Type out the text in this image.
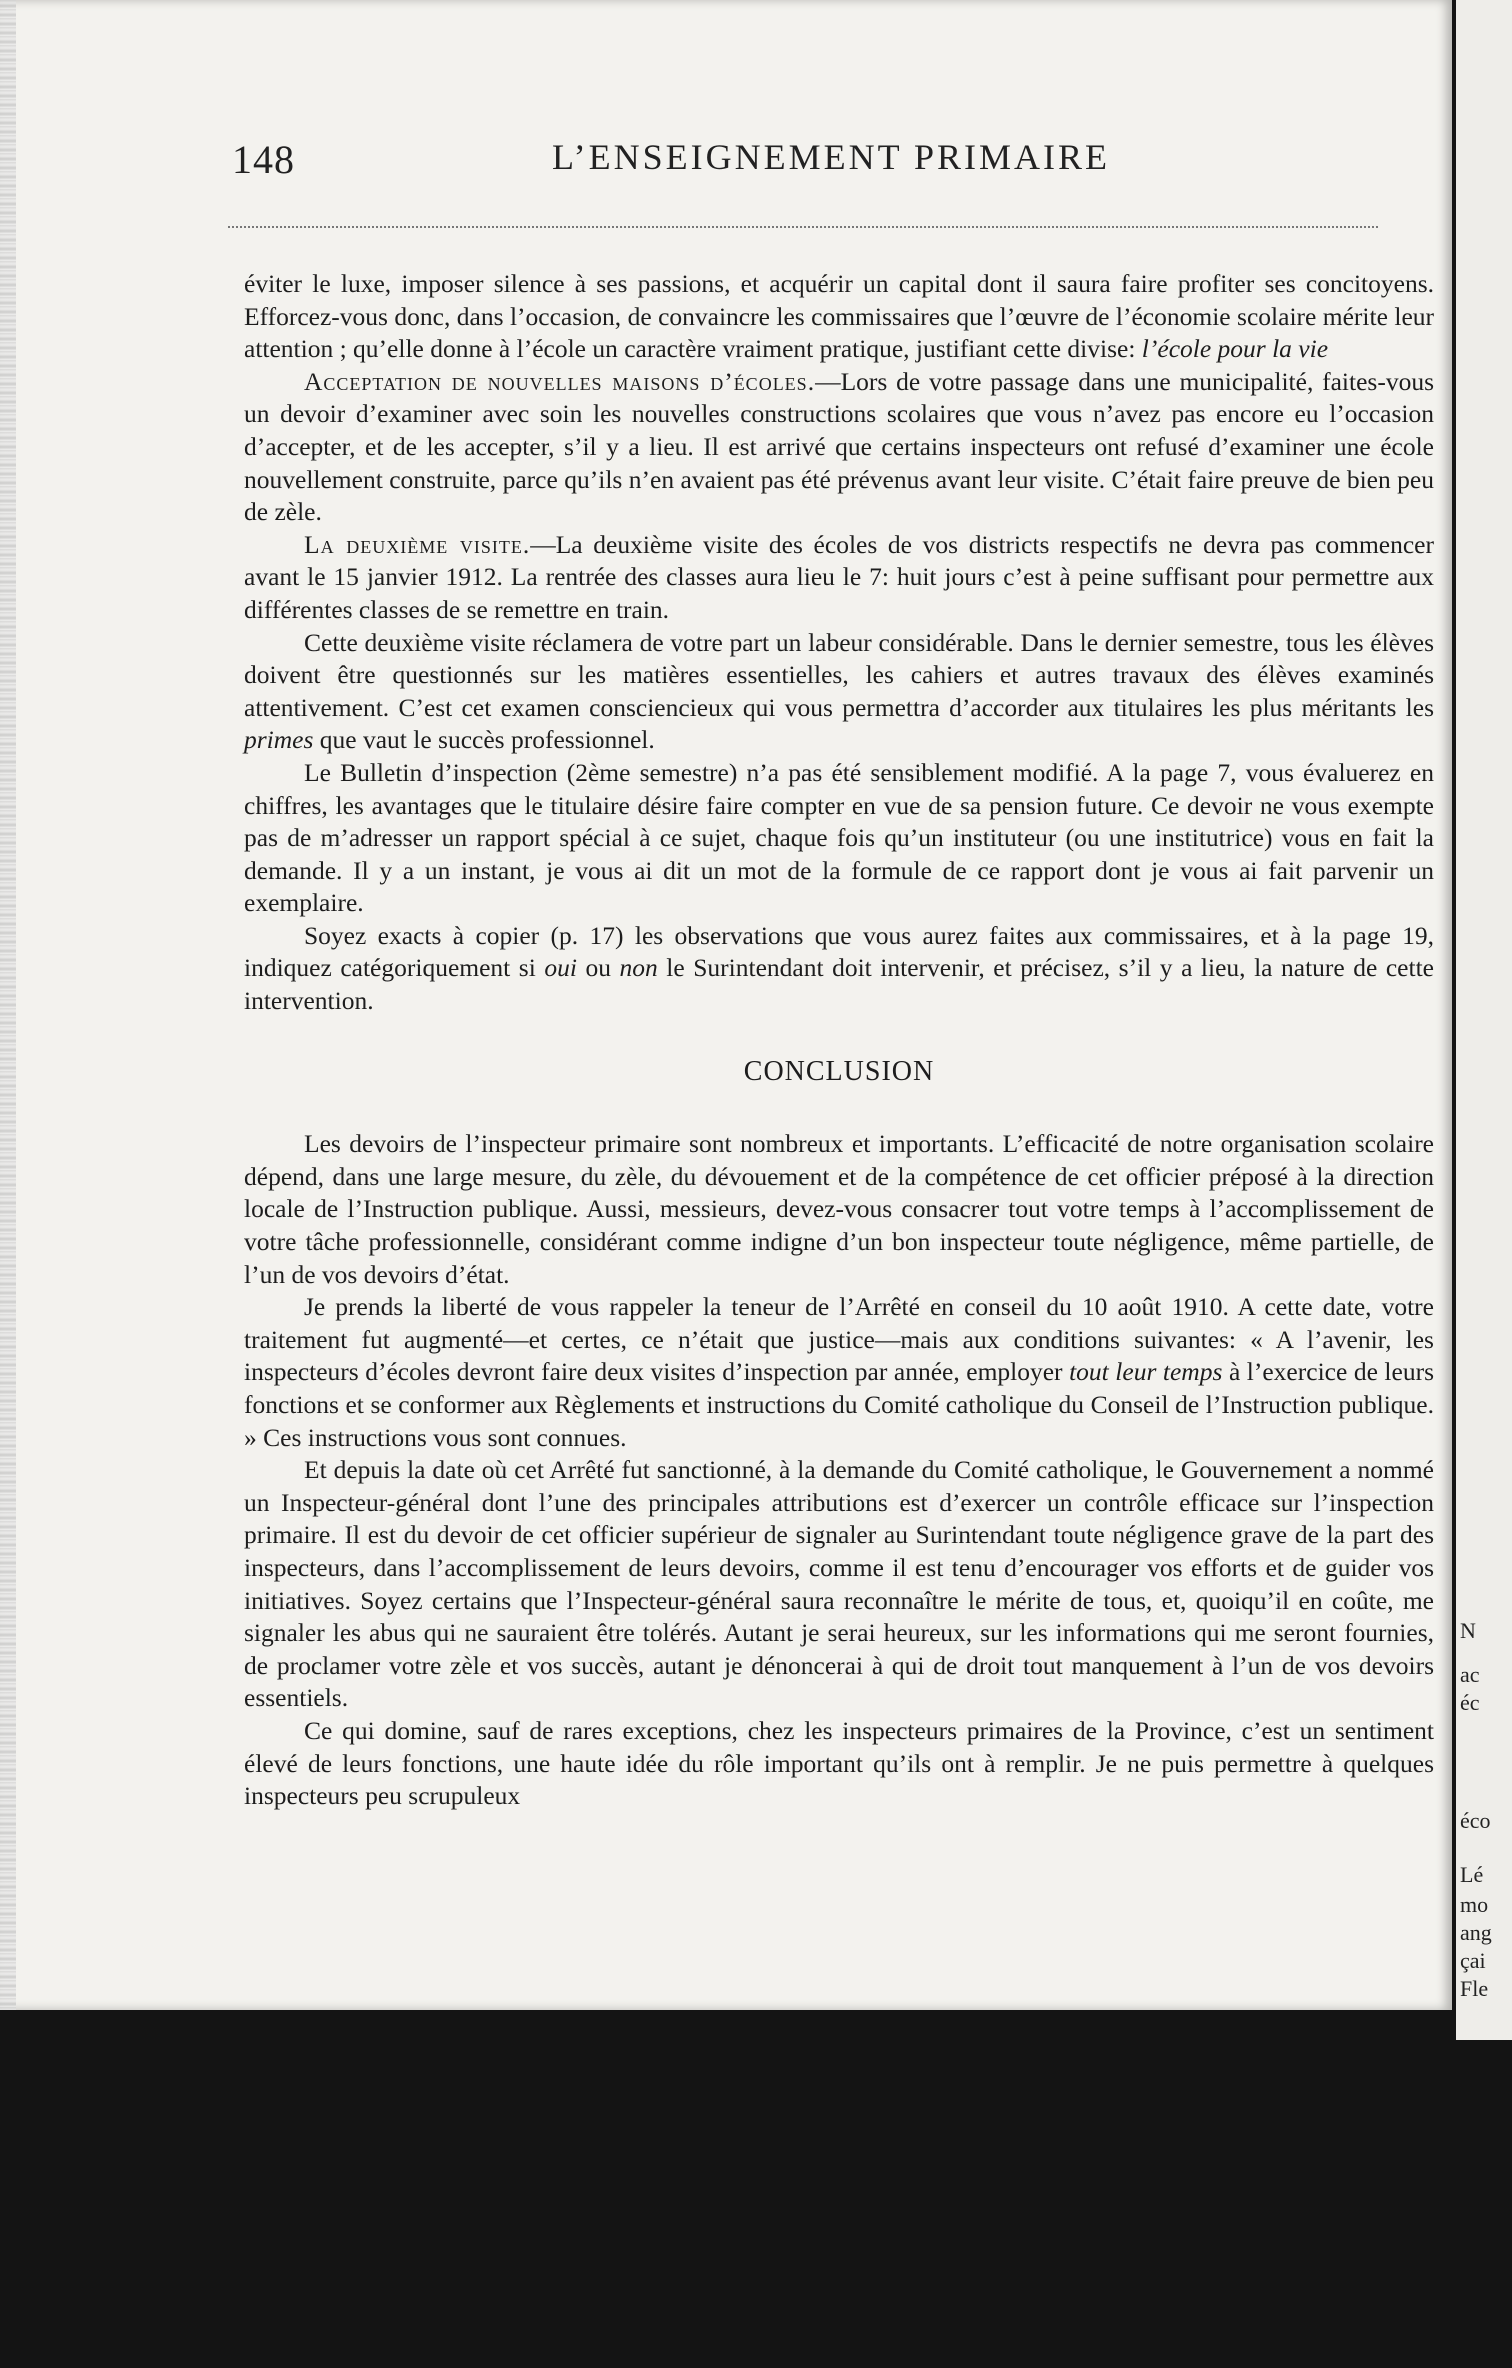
148	L’ENSEIGNEMENT PRIMAIRE

éviter le luxe, imposer silence à ses passions, et acquérir un capital dont il saura faire profiter ses concitoyens. Efforcez-vous donc, dans l’occasion, de convaincre les commissaires que l’œuvre de l’économie scolaire mérite leur attention ; qu’elle donne à l’école un caractère vraiment pratique, justifiant cette divise: l’école pour la vie

Acceptation de nouvelles maisons d’écoles.—Lors de votre passage dans une municipalité, faites-vous un devoir d’examiner avec soin les nouvelles constructions scolaires que vous n’avez pas encore eu l’occasion d’accepter, et de les accepter, s’il y a lieu. Il est arrivé que certains inspecteurs ont refusé d’examiner une école nouvellement construite, parce qu’ils n’en avaient pas été prévenus avant leur visite. C’était faire preuve de bien peu de zèle.

La deuxième visite.—La deuxième visite des écoles de vos districts respectifs ne devra pas commencer avant le 15 janvier 1912. La rentrée des classes aura lieu le 7: huit jours c’est à peine suffisant pour permettre aux différentes classes de se remettre en train.

Cette deuxième visite réclamera de votre part un labeur considérable. Dans le dernier semestre, tous les élèves doivent être questionnés sur les matières essentielles, les cahiers et autres travaux des élèves examinés attentivement. C’est cet examen consciencieux qui vous permettra d’accorder aux titulaires les plus méritants les primes que vaut le succès professionnel.

Le Bulletin d’inspection (2ème semestre) n’a pas été sensiblement modifié. A la page 7, vous évaluerez en chiffres, les avantages que le titulaire désire faire compter en vue de sa pension future. Ce devoir ne vous exempte pas de m’adresser un rapport spécial à ce sujet, chaque fois qu’un instituteur (ou une institutrice) vous en fait la demande. Il y a un instant, je vous ai dit un mot de la formule de ce rapport dont je vous ai fait parvenir un exemplaire.

Soyez exacts à copier (p. 17) les observations que vous aurez faites aux commissaires, et à la page 19, indiquez catégoriquement si oui ou non le Surintendant doit intervenir, et précisez, s’il y a lieu, la nature de cette intervention.

CONCLUSION

Les devoirs de l’inspecteur primaire sont nombreux et importants. L’efficacité de notre organisation scolaire dépend, dans une large mesure, du zèle, du dévouement et de la compétence de cet officier préposé à la direction locale de l’Instruction publique. Aussi, messieurs, devez-vous consacrer tout votre temps à l’accomplissement de votre tâche professionnelle, considérant comme indigne d’un bon inspecteur toute négligence, même partielle, de l’un de vos devoirs d’état.

Je prends la liberté de vous rappeler la teneur de l’Arrêté en conseil du 10 août 1910. A cette date, votre traitement fut augmenté—et certes, ce n’était que justice—mais aux conditions suivantes: « A l’avenir, les inspecteurs d’écoles devront faire deux visites d’inspection par année, employer tout leur temps à l’exercice de leurs fonctions et se conformer aux Règlements et instructions du Comité catholique du Conseil de l’Instruction publique. » Ces instructions vous sont connues.

Et depuis la date où cet Arrêté fut sanctionné, à la demande du Comité catholique, le Gouvernement a nommé un Inspecteur-général dont l’une des principales attributions est d’exercer un contrôle efficace sur l’inspection primaire. Il est du devoir de cet officier supérieur de signaler au Surintendant toute négligence grave de la part des inspecteurs, dans l’accomplissement de leurs devoirs, comme il est tenu d’encourager vos efforts et de guider vos initiatives. Soyez certains que l’Inspecteur-général saura reconnaître le mérite de tous, et, quoiqu’il en coûte, me signaler les abus qui ne sauraient être tolérés. Autant je serai heureux, sur les informations qui me seront fournies, de proclamer votre zèle et vos succès, autant je dénoncerai à qui de droit tout manquement à l’un de vos devoirs essentiels.

Ce qui domine, sauf de rares exceptions, chez les inspecteurs primaires de la Province, c’est un sentiment élevé de leurs fonctions, une haute idée du rôle important qu’ils ont à remplir. Je ne puis permettre à quelques inspecteurs peu scrupuleux

N
ac
éc
éco
Lé
mo
ang
çai
Fle
